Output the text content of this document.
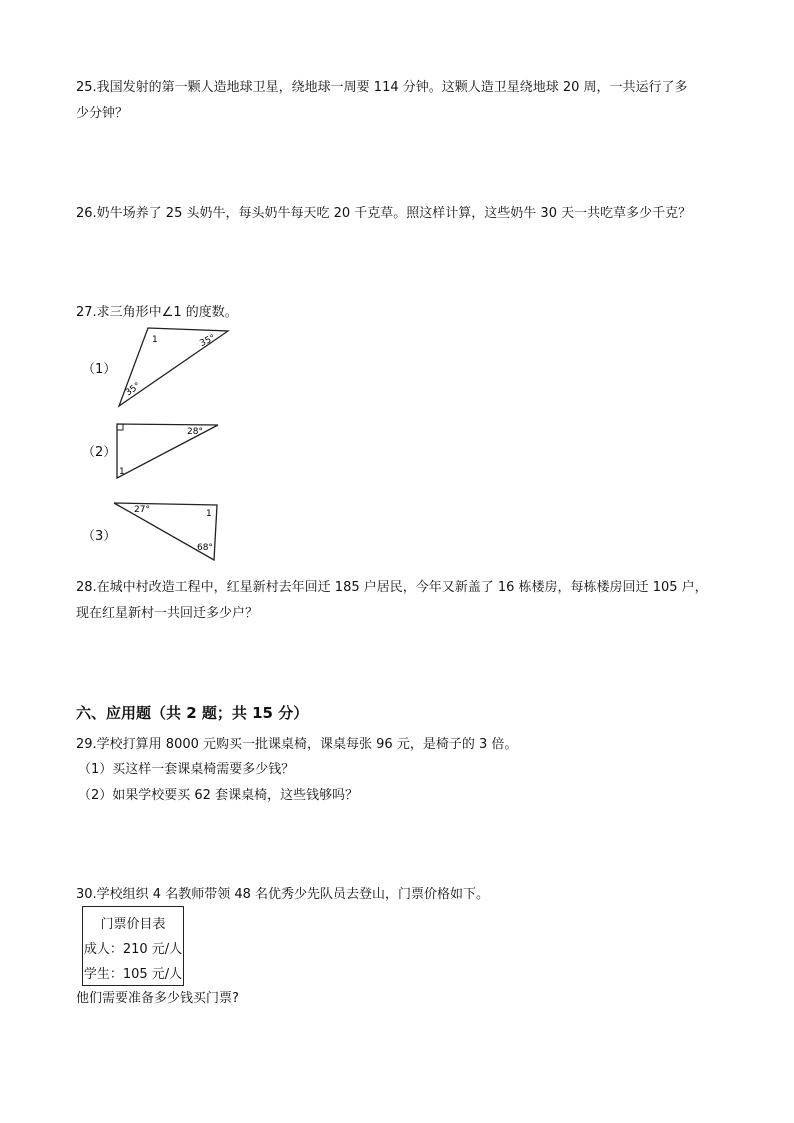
25.我国发射的第一颗人造地球卫星，绕地球一周要 114 分钟。这颗人造卫星绕地球 20 周，一共运行了多
少分钟？
26.奶牛场养了 25 头奶牛，每头奶牛每天吃 20 千克草。照这样计算，这些奶牛 30 天一共吃草多少千克？
27.求三角形中∠1 的度数。
（1）
1	35°
35°
（2）
28°
1
（3）
27°	1
68°
28.在城中村改造工程中，红星新村去年回迁 185 户居民，今年又新盖了 16 栋楼房，每栋楼房回迁 105 户，
现在红星新村一共回迁多少户？
六、应用题（共 2 题；共 15 分）
29.学校打算用 8000 元购买一批课桌椅，课桌每张 96 元，是椅子的 3 倍。
（1）买这样一套课桌椅需要多少钱？
（2）如果学校要买 62 套课桌椅，这些钱够吗？
30.学校组织 4 名教师带领 48 名优秀少先队员去登山，门票价格如下。
门票价目表
成人：210 元/人
学生：105 元/人
他们需要准备多少钱买门票?
